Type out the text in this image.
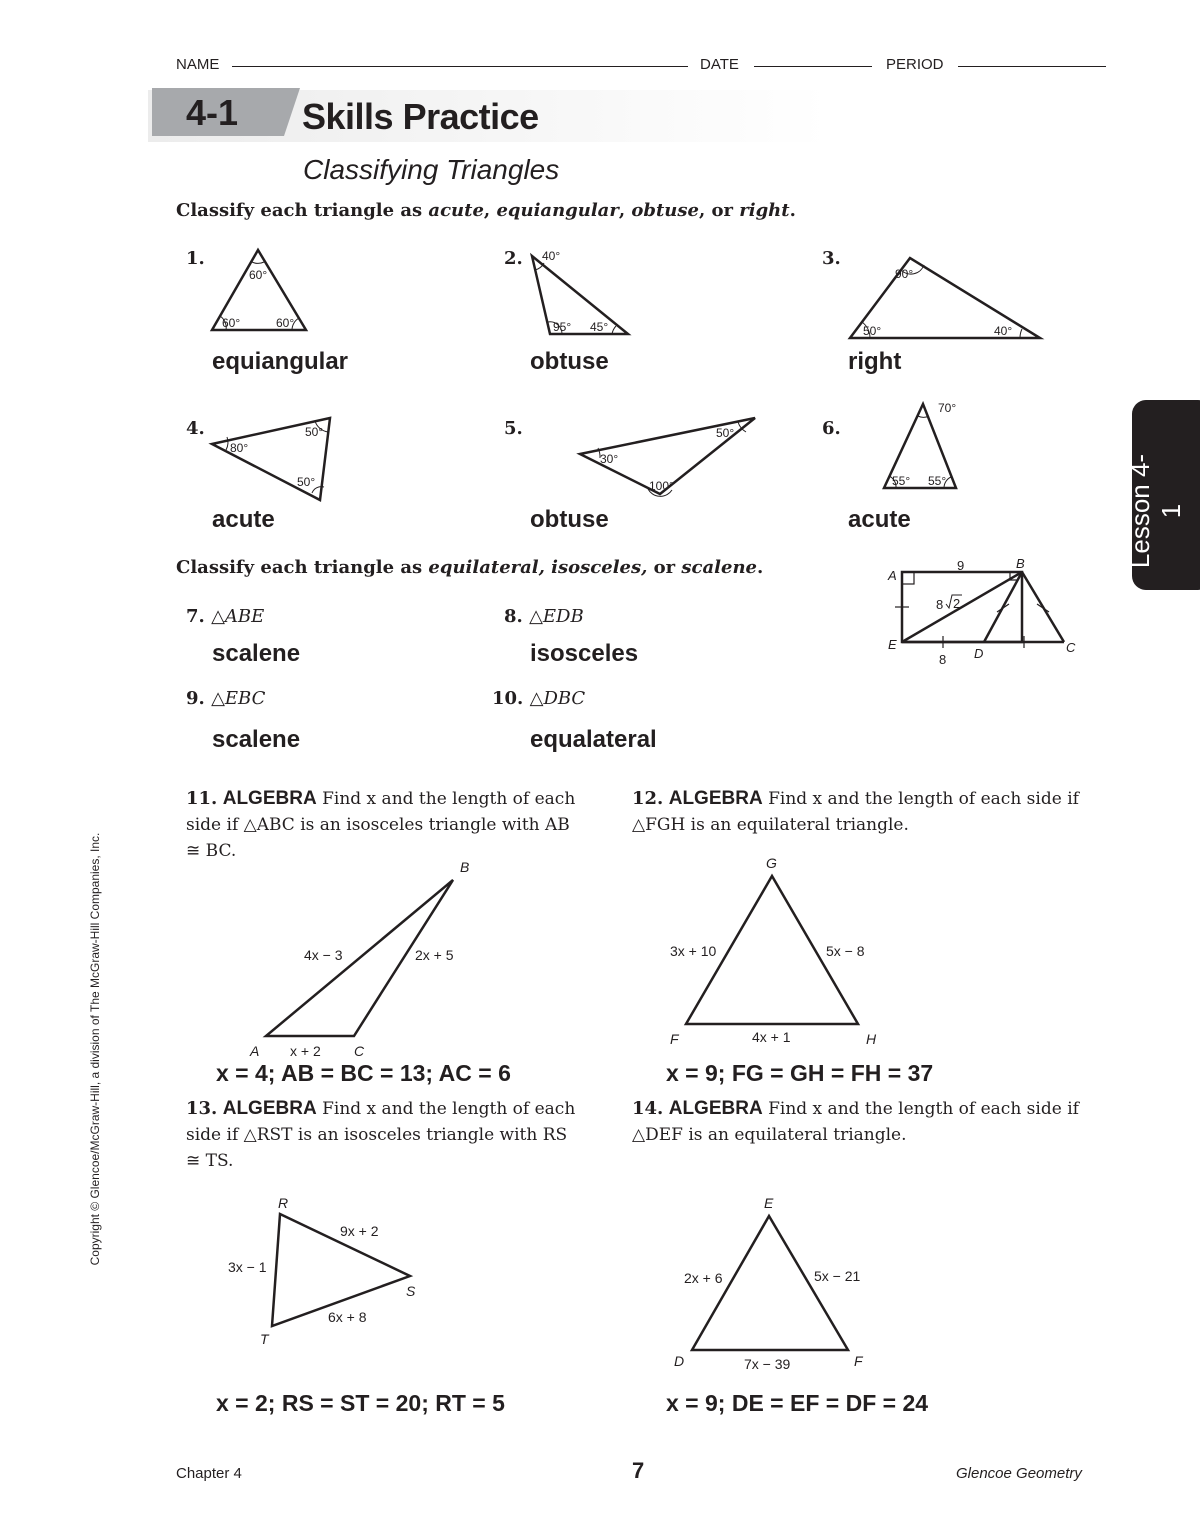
NAME	DATE	PERIOD
4-1 Skills Practice
Classifying Triangles
Lesson 4-1
Classify each triangle as acute, equiangular, obtuse, or right.
1.	2.	3.
4.	5.	6.
60°
60°	60°
40°
95° 45°
90°
50°	40°
80°
50°
50°
30°
50°
100°
70°
55° 55°
equiangular	obtuse	right
acute	obtuse	acute
Classify each triangle as equilateral, isosceles, or scalene.	A
B
C
D
E
9
8
8
2
7. △ABE	8. △EDB
9. △EBC	10. △DBC
scalene	isosceles
scalene	equalateral
11. ALGEBRA Find x and the length of each side if △ABC is an isosceles triangle with AB ≅ BC.
12. ALGEBRA Find x and the length of each side if △FGH is an equilateral triangle.
13. ALGEBRA Find x and the length of each side if △RST is an isosceles triangle with RS ≅ TS.
14. ALGEBRA Find x and the length of each side if △DEF is an equilateral triangle.
B
A	C
4x − 3	2x + 5
x + 2
G
F	H
3x + 10	5x − 8
4x + 1
R
S
T
9x + 2
3x − 1
6x + 8
E
D	F
2x + 6	5x − 21
7x − 39
x = 4; AB = BC = 13; AC = 6	x = 9; FG = GH = FH = 37
x = 2; RS = ST = 20; RT = 5	x = 9; DE = EF = DF = 24
Copyright © Glencoe/McGraw-Hill, a division of The McGraw-Hill Companies, Inc.
Chapter 4	7	Glencoe Geometry
